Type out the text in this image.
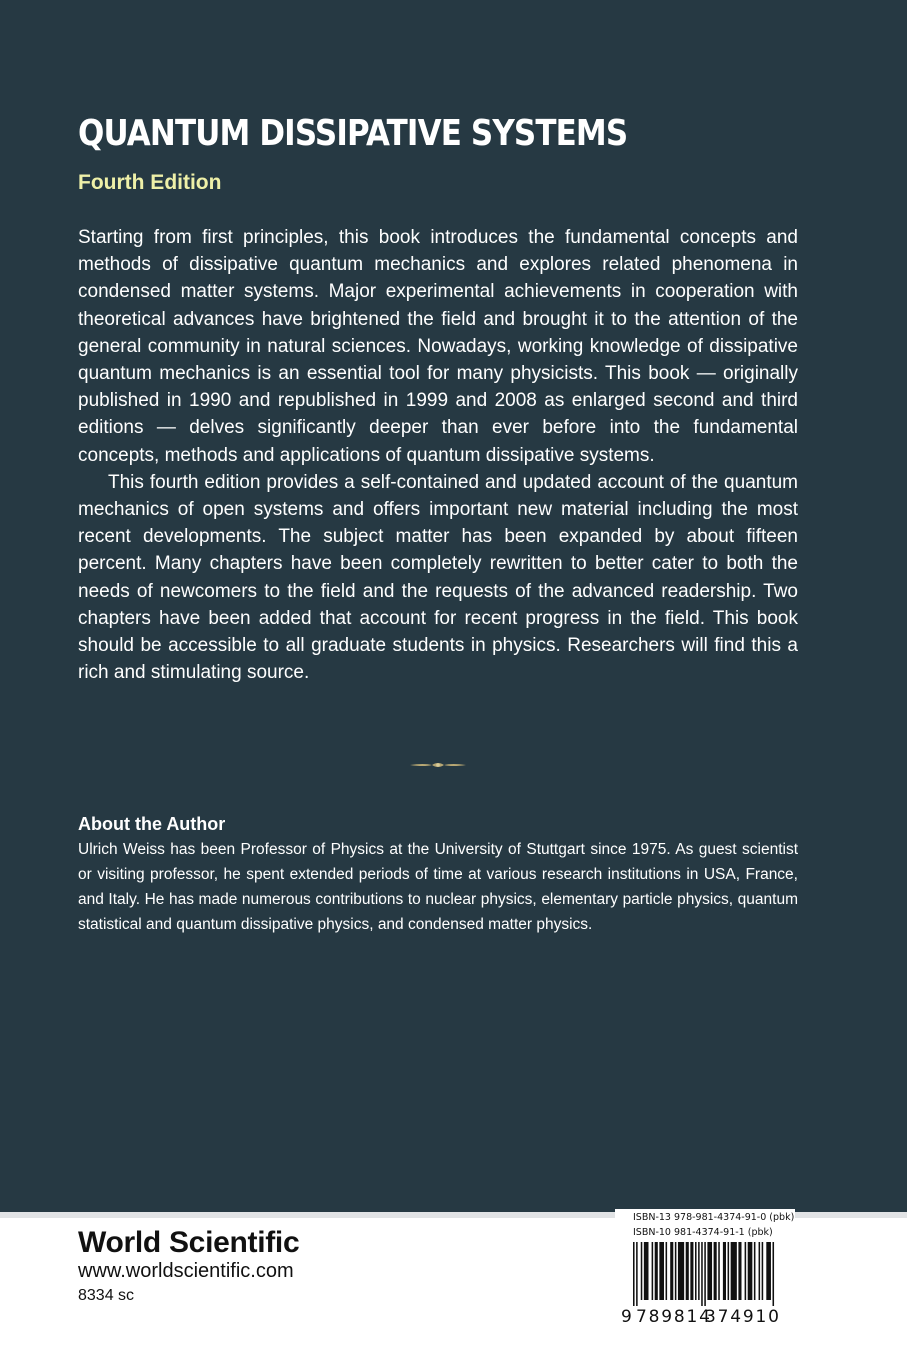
QUANTUM DISSIPATIVE SYSTEMS
Fourth Edition

Starting from first principles, this book introduces the fundamental concepts and methods of dissipative quantum mechanics and explores related phenomena in condensed matter systems. Major experimental achievements in cooperation with theoretical advances have brightened the field and brought it to the attention of the general community in natural sciences. Nowadays, working knowledge of dissipative quantum mechanics is an essential tool for many physicists. This book — originally published in 1990 and republished in 1999 and 2008 as enlarged second and third editions — delves significantly deeper than ever before into the fundamental concepts, methods and applications of quantum dissipative systems.

This fourth edition provides a self-contained and updated account of the quantum mechanics of open systems and offers important new material including the most recent developments. The subject matter has been expanded by about fifteen percent. Many chapters have been completely rewritten to better cater to both the needs of newcomers to the field and the requests of the advanced readership. Two chapters have been added that account for recent progress in the field. This book should be accessible to all graduate students in physics. Researchers will find this a rich and stimulating source.

About the Author

Ulrich Weiss has been Professor of Physics at the University of Stuttgart since 1975. As guest scientist or visiting professor, he spent extended periods of time at various research institutions in USA, France, and Italy. He has made numerous contributions to nuclear physics, elementary particle physics, quantum statistical and quantum dissipative physics, and condensed matter physics.

World Scientific
www.worldscientific.com
8334 sc
ISBN-13 978-981-4374-91-0 (pbk)
ISBN-10 981-4374-91-1 (pbk)
9 789814
374910
